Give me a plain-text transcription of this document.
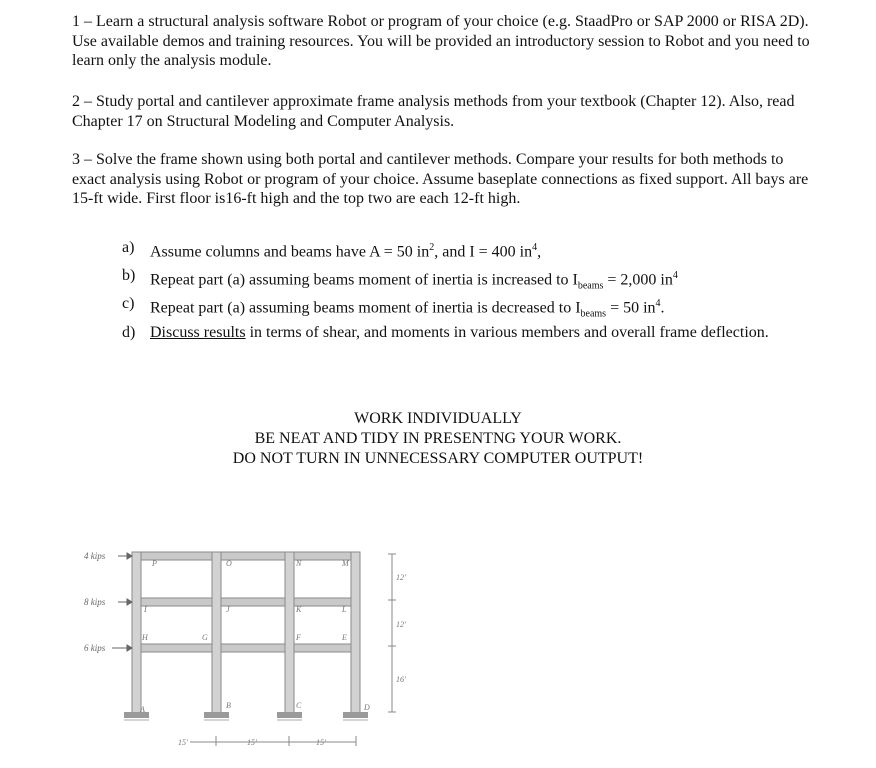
1 – Learn a structural analysis software Robot or program of your choice (e.g. StaadPro or SAP 2000 or RISA 2D). Use available demos and training resources. You will be provided an introductory session to Robot and you need to learn only the analysis module.

2 – Study portal and cantilever approximate frame analysis methods from your textbook (Chapter 12). Also, read Chapter 17 on Structural Modeling and Computer Analysis.

3 – Solve the frame shown using both portal and cantilever methods. Compare your results for both methods to exact analysis using Robot or program of your choice. Assume baseplate connections as fixed support. All bays are 15-ft wide. First floor is16-ft high and the top two are each 12-ft high.

a) Assume columns and beams have A = 50 $in^2$, and I = 400 $in^4$,
b) Repeat part (a) assuming beams moment of inertia is increased to $I_{beams} = 2,000$ $in^4$
c) Repeat part (a) assuming beams moment of inertia is decreased to $I_{beams} = 50$ $in^4$.
d) Discuss results in terms of shear, and moments in various members and overall frame deflection.
WORK INDIVIDUALLY
BE NEAT AND TIDY IN PRESENTNG YOUR WORK.
DO NOT TURN IN UNNECESSARY COMPUTER OUTPUT!
4 kips
8 kips
6 kips
P	O	N	M
I	J	K	L
H	G	F	E
A	B	C	D
12'
12'
16'
15'	15'	15'
